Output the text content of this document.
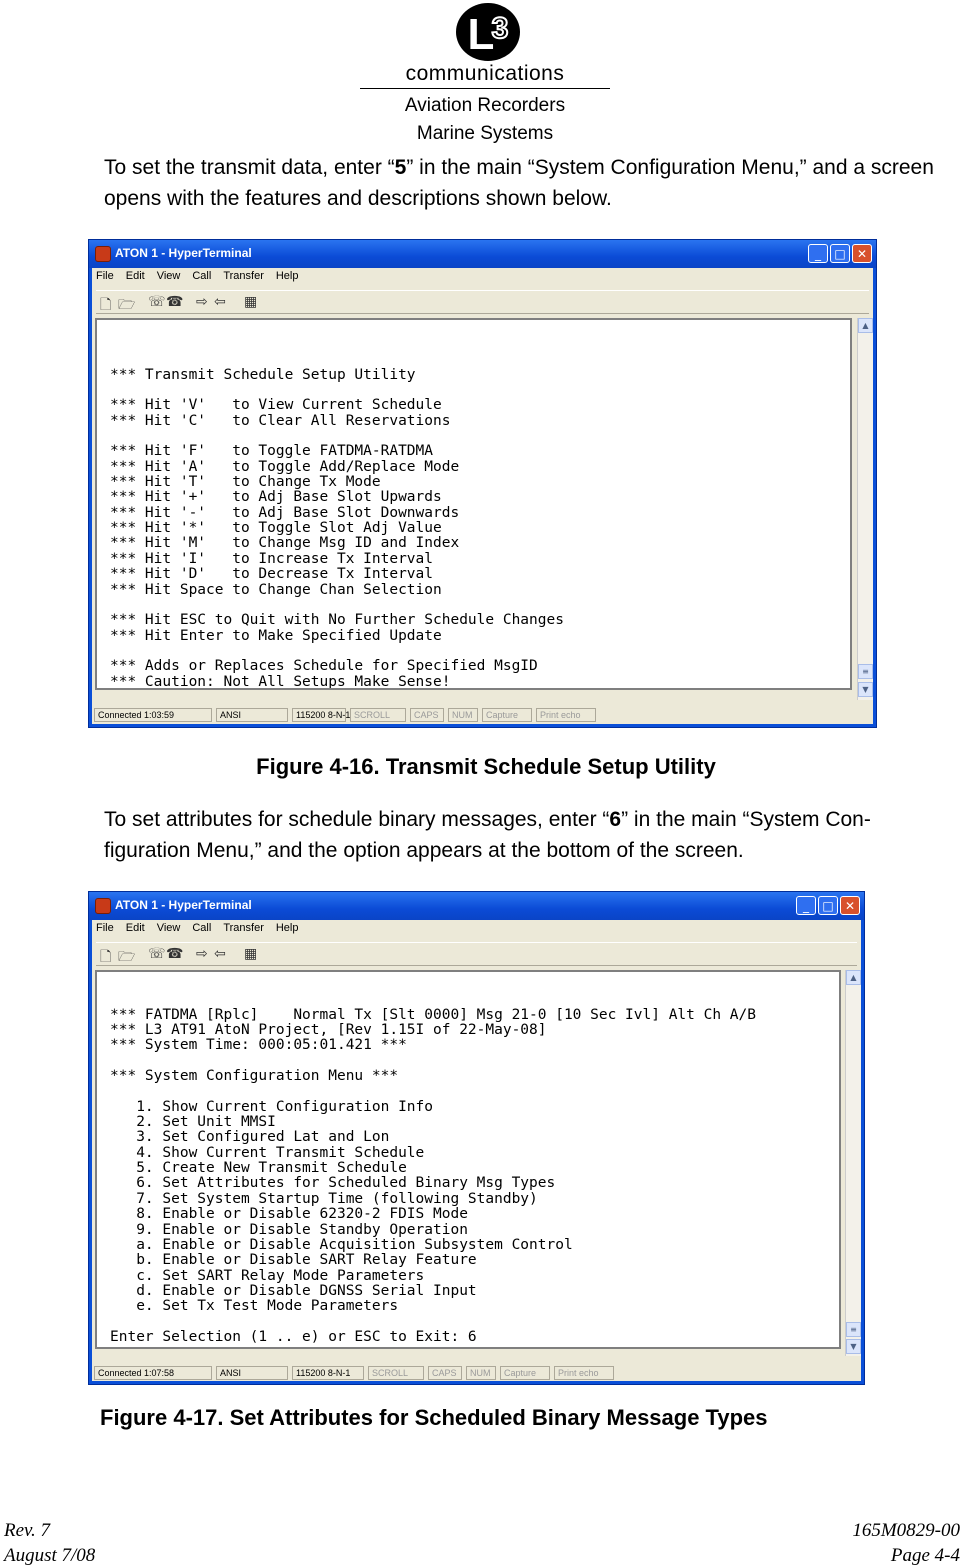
L
3
communications
Aviation Recorders
Marine Systems
To set the transmit data, enter “5” in the main “System Configuration Menu,” and a screen opens with the features and descriptions shown below.
ATON 1 - HyperTerminal	_	□ ✕
File Edit View Call Transfer Help
🗋 🗁 ☏ ☎ ⇨ ⇦ ▦

*** Transmit Schedule Setup Utility
*** Hit 'V'   to View Current Schedule
*** Hit 'C'   to Clear All Reservations
*** Hit 'F'   to Toggle FATDMA-RATDMA
*** Hit 'A'   to Toggle Add/Replace Mode
*** Hit 'T'   to Change Tx Mode
*** Hit '+'   to Adj Base Slot Upwards
*** Hit '-'   to Adj Base Slot Downwards
*** Hit '*'   to Toggle Slot Adj Value
*** Hit 'M'   to Change Msg ID and Index
*** Hit 'I'   to Increase Tx Interval
*** Hit 'D'   to Decrease Tx Interval
*** Hit Space to Change Chan Selection
*** Hit ESC to Quit with No Further Schedule Changes
*** Hit Enter to Make Specified Update
*** Adds or Replaces Schedule for Specified MsgID
*** Caution: Not All Setups Make Sense!

▲
≡
▼
Connected 1:03:59	ANSI	115200 8-N-1 SCROLL	CAPS	NUM	Capture	Print echo
Figure 4-16. Transmit Schedule Setup Utility
To set attributes for schedule binary messages, enter “6” in the main “System Con-figuration Menu,” and the option appears at the bottom of the screen.
ATON 1 - HyperTerminal	_	□ ✕
File Edit View Call Transfer Help
🗋 🗁 ☏ ☎ ⇨ ⇦ ▦

*** FATDMA [Rplc]    Normal Tx [Slt 0000] Msg 21-0 [10 Sec Ivl] Alt Ch A/B
*** L3 AT91 AtoN Project, [Rev 1.15I of 22-May-08]
*** System Time: 000:05:01.421 ***
*** System Configuration Menu ***
1. Show Current Configuration Info
2. Set Unit MMSI
3. Set Configured Lat and Lon
4. Show Current Transmit Schedule
5. Create New Transmit Schedule
6. Set Attributes for Scheduled Binary Msg Types
7. Set System Startup Time (following Standby)
8. Enable or Disable 62320-2 FDIS Mode
9. Enable or Disable Standby Operation
a. Enable or Disable Acquisition Subsystem Control
b. Enable or Disable SART Relay Feature
c. Set SART Relay Mode Parameters
d. Enable or Disable DGNSS Serial Input
e. Set Tx Test Mode Parameters
Enter Selection (1 .. e) or ESC to Exit: 6

▲
≡
▼
Connected 1:07:58	ANSI	115200 8-N-1	SCROLL	CAPS	NUM	Capture	Print echo
Figure 4-17. Set Attributes for Scheduled Binary Message Types
Rev. 7
August 7/08
165M0829-00
Page 4-4
